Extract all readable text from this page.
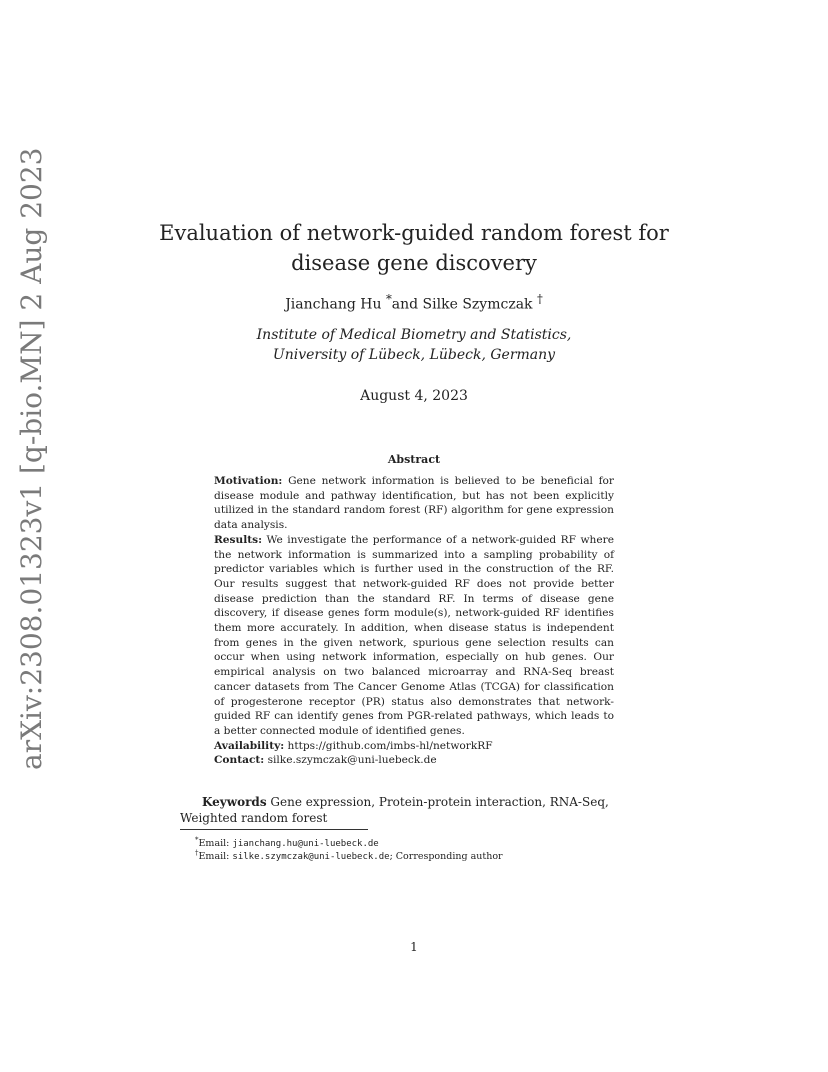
arXiv:2308.01323v1 [q-bio.MN] 2 Aug 2023	Evaluation of network-guided random forest for
disease gene discovery
Jianchang Hu *and Silke Szymczak †
Institute of Medical Biometry and Statistics,
University of Lübeck, Lübeck, Germany
August 4, 2023
Abstract

Motivation: Gene network information is believed to be beneficial for disease module and pathway identification, but has not been explicitly utilized in the standard random forest (RF) algorithm for gene expression data analysis.

Results: We investigate the performance of a network-guided RF where the network information is summarized into a sampling probability of predictor variables which is further used in the construction of the RF. Our results suggest that network-guided RF does not provide better disease prediction than the standard RF. In terms of disease gene discovery, if disease genes form module(s), network-guided RF identifies them more accurately. In addition, when disease status is independent from genes in the given network, spurious gene selection results can occur when using network information, especially on hub genes. Our empirical analysis on two balanced microarray and RNA-Seq breast cancer datasets from The Cancer Genome Atlas (TCGA) for classification of progesterone receptor (PR) status also demonstrates that network-guided RF can identify genes from PGR-related pathways, which leads to a better connected module of identified genes.

Availability: https://github.com/imbs-hl/networkRF

Contact: silke.szymczak@uni-luebeck.de

Keywords Gene expression, Protein-protein interaction, RNA-Seq, Weighted random forest
*Email: jianchang.hu@uni-luebeck.de
†Email: silke.szymczak@uni-luebeck.de; Corresponding author
1
